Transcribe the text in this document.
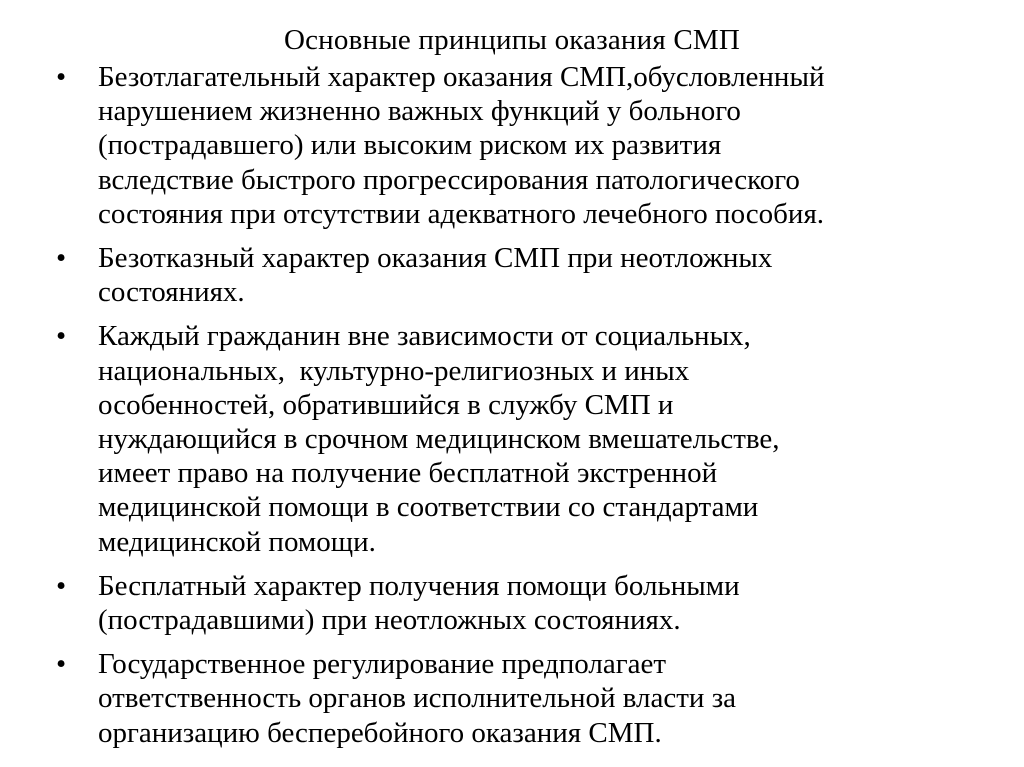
Основные принципы оказания СМП
• Безотлагательный характер оказания СМП,обусловленный
нарушением жизненно важных функций у больного
(пострадавшего) или высоким риском их развития
вследствие быстрого прогрессирования патологического
состояния при отсутствии адекватного лечебного пособия.
• Безотказный характер оказания СМП при неотложных
состояниях.
• Каждый гражданин вне зависимости от социальных,
национальных,  культурно-религиозных и иных
особенностей, обратившийся в службу СМП и
нуждающийся в срочном медицинском вмешательстве,
имеет право на получение бесплатной экстренной
медицинской помощи в соответствии со стандартами
медицинской помощи.
• Бесплатный характер получения помощи больными
(пострадавшими) при неотложных состояниях.
• Государственное регулирование предполагает
ответственность органов исполнительной власти за
организацию бесперебойного оказания СМП.
